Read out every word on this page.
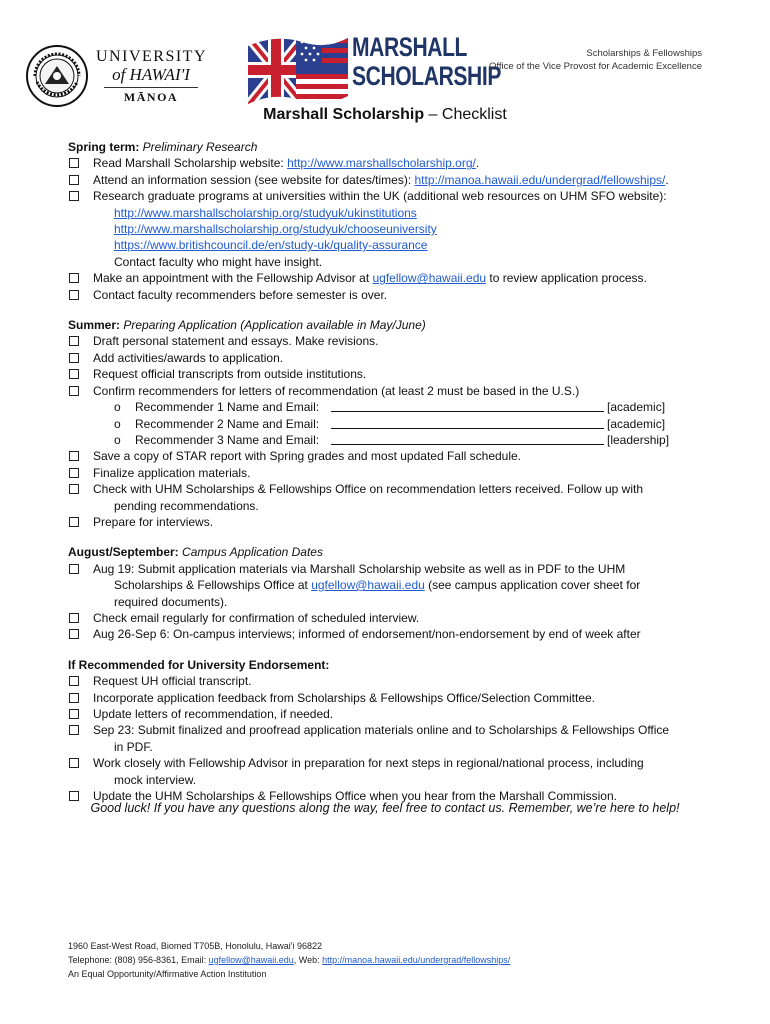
UNIVERSITY
of HAWAI'I
MĀNOA
MARSHALL
SCHOLARSHIP
Scholarships & Fellowships
Office of the Vice Provost for Academic Excellence
Marshall Scholarship – Checklist
Spring term: Preliminary Research
Read Marshall Scholarship website: http://www.marshallscholarship.org/.
Attend an information session (see website for dates/times): http://manoa.hawaii.edu/undergrad/fellowships/.
Research graduate programs at universities within the UK (additional web resources on UHM SFO website):
http://www.marshallscholarship.org/studyuk/ukinstitutions
http://www.marshallscholarship.org/studyuk/chooseuniversity
https://www.britishcouncil.de/en/study-uk/quality-assurance
Contact faculty who might have insight.
Make an appointment with the Fellowship Advisor at ugfellow@hawaii.edu to review application process.
Contact faculty recommenders before semester is over.
Summer: Preparing Application (Application available in May/June)
Draft personal statement and essays. Make revisions.
Add activities/awards to application.
Request official transcripts from outside institutions.
Confirm recommenders for letters of recommendation (at least 2 must be based in the U.S.)
o	Recommender 1 Name and Email:	[academic]
o	Recommender 2 Name and Email:	[academic]
o	Recommender 3 Name and Email:	[leadership]
Save a copy of STAR report with Spring grades and most updated Fall schedule.
Finalize application materials.
Check with UHM Scholarships & Fellowships Office on recommendation letters received. Follow up with
pending recommendations.
Prepare for interviews.
August/September: Campus Application Dates
Aug 19: Submit application materials via Marshall Scholarship website as well as in PDF to the UHM
Scholarships & Fellowships Office at ugfellow@hawaii.edu (see campus application cover sheet for
required documents).
Check email regularly for confirmation of scheduled interview.
Aug 26-Sep 6: On-campus interviews; informed of endorsement/non-endorsement by end of week after
If Recommended for University Endorsement:
Request UH official transcript.
Incorporate application feedback from Scholarships & Fellowships Office/Selection Committee.
Update letters of recommendation, if needed.
Sep 23: Submit finalized and proofread application materials online and to Scholarships & Fellowships Office
in PDF.
Work closely with Fellowship Advisor in preparation for next steps in regional/national process, including
mock interview.
Update the UHM Scholarships & Fellowships Office when you hear from the Marshall Commission.
Good luck! If you have any questions along the way, feel free to contact us. Remember, we’re here to help!
1960 East-West Road, Biomed T705B, Honolulu, Hawai'i 96822
Telephone: (808) 956-8361, Email: ugfellow@hawaii.edu, Web: http://manoa.hawaii.edu/undergrad/fellowships/
An Equal Opportunity/Affirmative Action Institution
